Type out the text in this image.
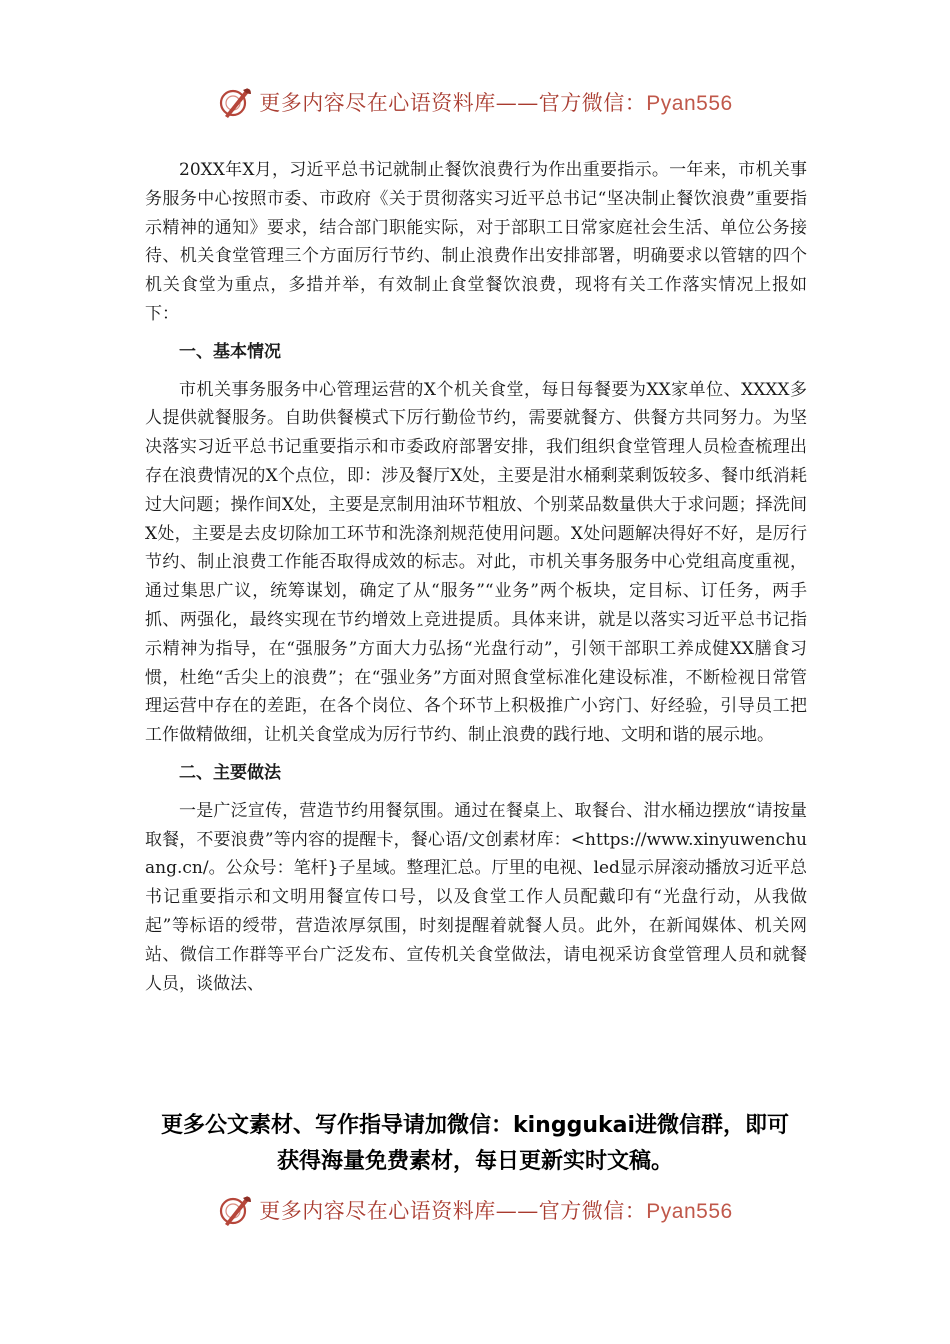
更多内容尽在心语资料库——官方微信：Pyan556

20XX年X月，习近平总书记就制止餐饮浪费行为作出重要指示。一年来，市机关事务服务中心按照市委、市政府《关于贯彻落实习近平总书记“坚决制止餐饮浪费”重要指示精神的通知》要求，结合部门职能实际，对于部职工日常家庭社会生活、单位公务接待、机关食堂管理三个方面厉行节约、制止浪费作出安排部署，明确要求以管辖的四个机关食堂为重点，多措并举，有效制止食堂餐饮浪费，现将有关工作落实情况上报如下：

一、基本情况

市机关事务服务中心管理运营的X个机关食堂，每日每餐要为XX家单位、XXXX多人提供就餐服务。自助供餐模式下厉行勤俭节约，需要就餐方、供餐方共同努力。为坚决落实习近平总书记重要指示和市委政府部署安排，我们组织食堂管理人员检查梳理出存在浪费情况的X个点位，即：涉及餐厅X处，主要是泔水桶剩菜剩饭较多、餐巾纸消耗过大问题；操作间X处，主要是烹制用油环节粗放、个别菜品数量供大于求问题；择洗间X处，主要是去皮切除加工环节和洗涤剂规范使用问题。X处问题解决得好不好，是厉行节约、制止浪费工作能否取得成效的标志。对此，市机关事务服务中心党组高度重视，通过集思广议，统筹谋划，确定了从“服务”“业务”两个板块，定目标、订任务，两手抓、两强化，最终实现在节约增效上竞进提质。具体来讲，就是以落实习近平总书记指示精神为指导，在“强服务”方面大力弘扬“光盘行动”，引领干部职工养成健XX膳食习惯，杜绝“舌尖上的浪费”；在“强业务”方面对照食堂标准化建设标准，不断检视日常管理运营中存在的差距，在各个岗位、各个环节上积极推广小窍门、好经验，引导员工把工作做精做细，让机关食堂成为厉行节约、制止浪费的践行地、文明和谐的展示地。

二、主要做法

一是广泛宣传，营造节约用餐氛围。通过在餐桌上、取餐台、泔水桶边摆放“请按量取餐，不要浪费”等内容的提醒卡，餐心语/文创素材库：<https://www.xinyuwenchuang.cn/。公众号：笔杆}子星域。整理汇总。厅里的电视、led显示屏滚动播放习近平总书记重要指示和文明用餐宣传口号，以及食堂工作人员配戴印有“光盘行动，从我做起”等标语的绶带，营造浓厚氛围，时刻提醒着就餐人员。此外，在新闻媒体、机关网站、微信工作群等平台广泛发布、宣传机关食堂做法，请电视采访食堂管理人员和就餐人员，谈做法、

更多公文素材、写作指导请加微信：kinggukai进微信群，即可
获得海量免费素材，每日更新实时文稿。
更多内容尽在心语资料库——官方微信：Pyan556
